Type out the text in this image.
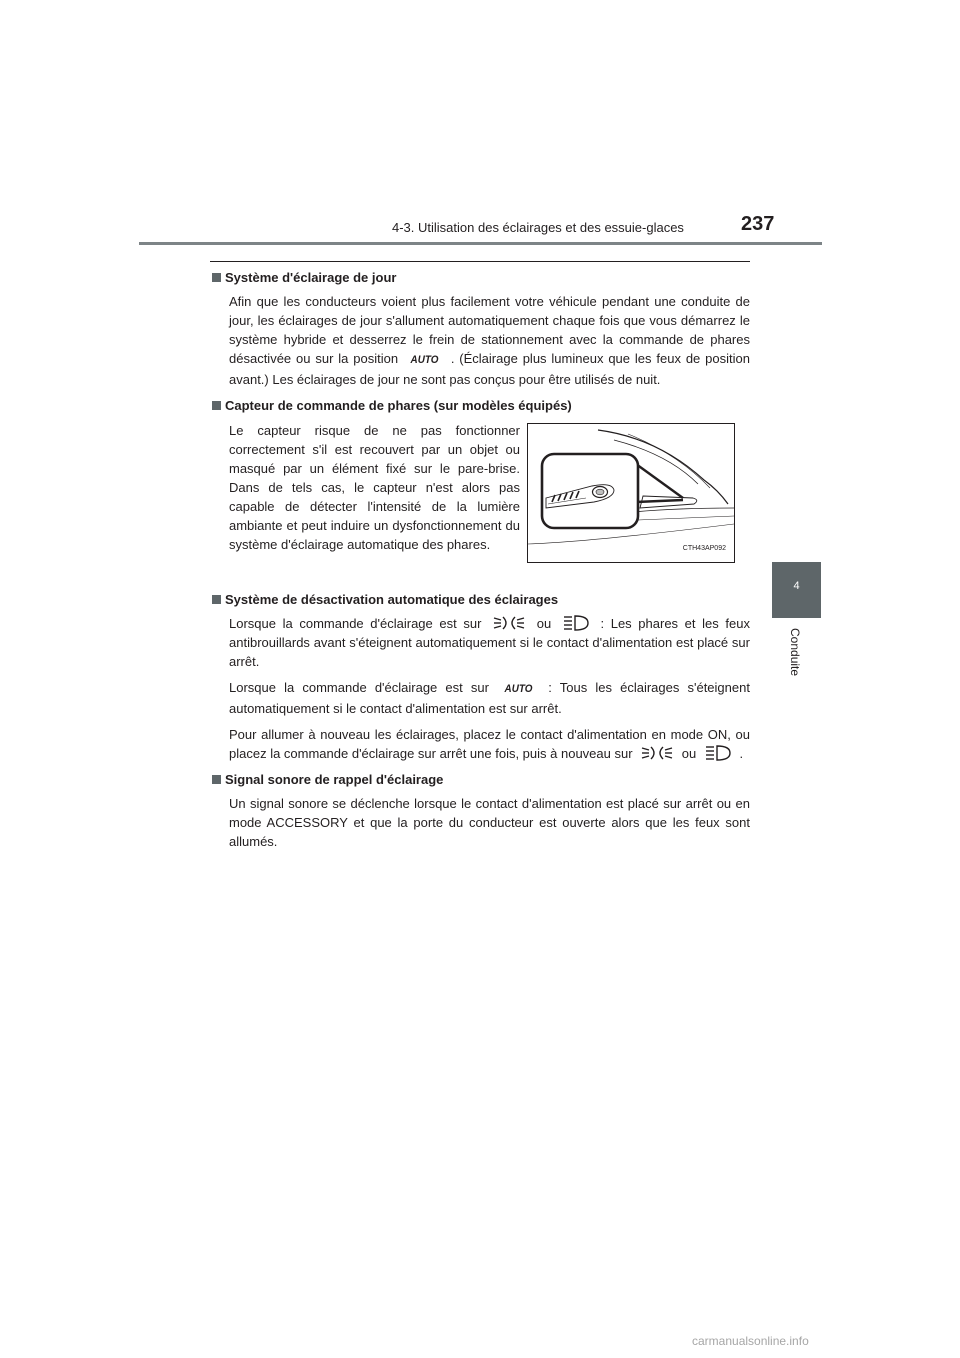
4-3. Utilisation des éclairages et des essuie-glaces	237
4
Conduite
Système d'éclairage de jour

Afin que les conducteurs voient plus facilement votre véhicule pendant une conduite de jour, les éclairages de jour s'allument automatiquement chaque fois que vous démarrez le système hybride et desserrez le frein de stationnement avec la commande de phares désactivée ou sur la position AUTO . (Éclairage plus lumineux que les feux de position avant.) Les éclairages de jour ne sont pas conçus pour être utilisés de nuit.

Capteur de commande de phares (sur modèles équipés)
Le capteur risque de ne pas fonctionner correctement s'il est recouvert par un objet ou masqué par un élément fixé sur le pare-brise. Dans de tels cas, le capteur n'est alors pas capable de détecter l'intensité de la lumière ambiante et peut induire un dysfonctionnement du système d'éclairage automatique des phares.	CTH43AP092
Système de désactivation automatique des éclairages

Lorsque la commande d'éclairage est sur	ou	: Les phares et les feux antibrouillards avant s'éteignent automatiquement si le contact d'alimentation est placé sur arrêt.

Lorsque la commande d'éclairage est sur AUTO : Tous les éclairages s'éteignent automatiquement si le contact d'alimentation est sur arrêt.

Pour allumer à nouveau les éclairages, placez le contact d'alimentation en mode ON, ou placez la commande d'éclairage sur arrêt une fois, puis à nouveau sur	ou	.

Signal sonore de rappel d'éclairage

Un signal sonore se déclenche lorsque le contact d'alimentation est placé sur arrêt ou en mode ACCESSORY et que la porte du conducteur est ouverte alors que les feux sont allumés.

carmanualsonline.info
